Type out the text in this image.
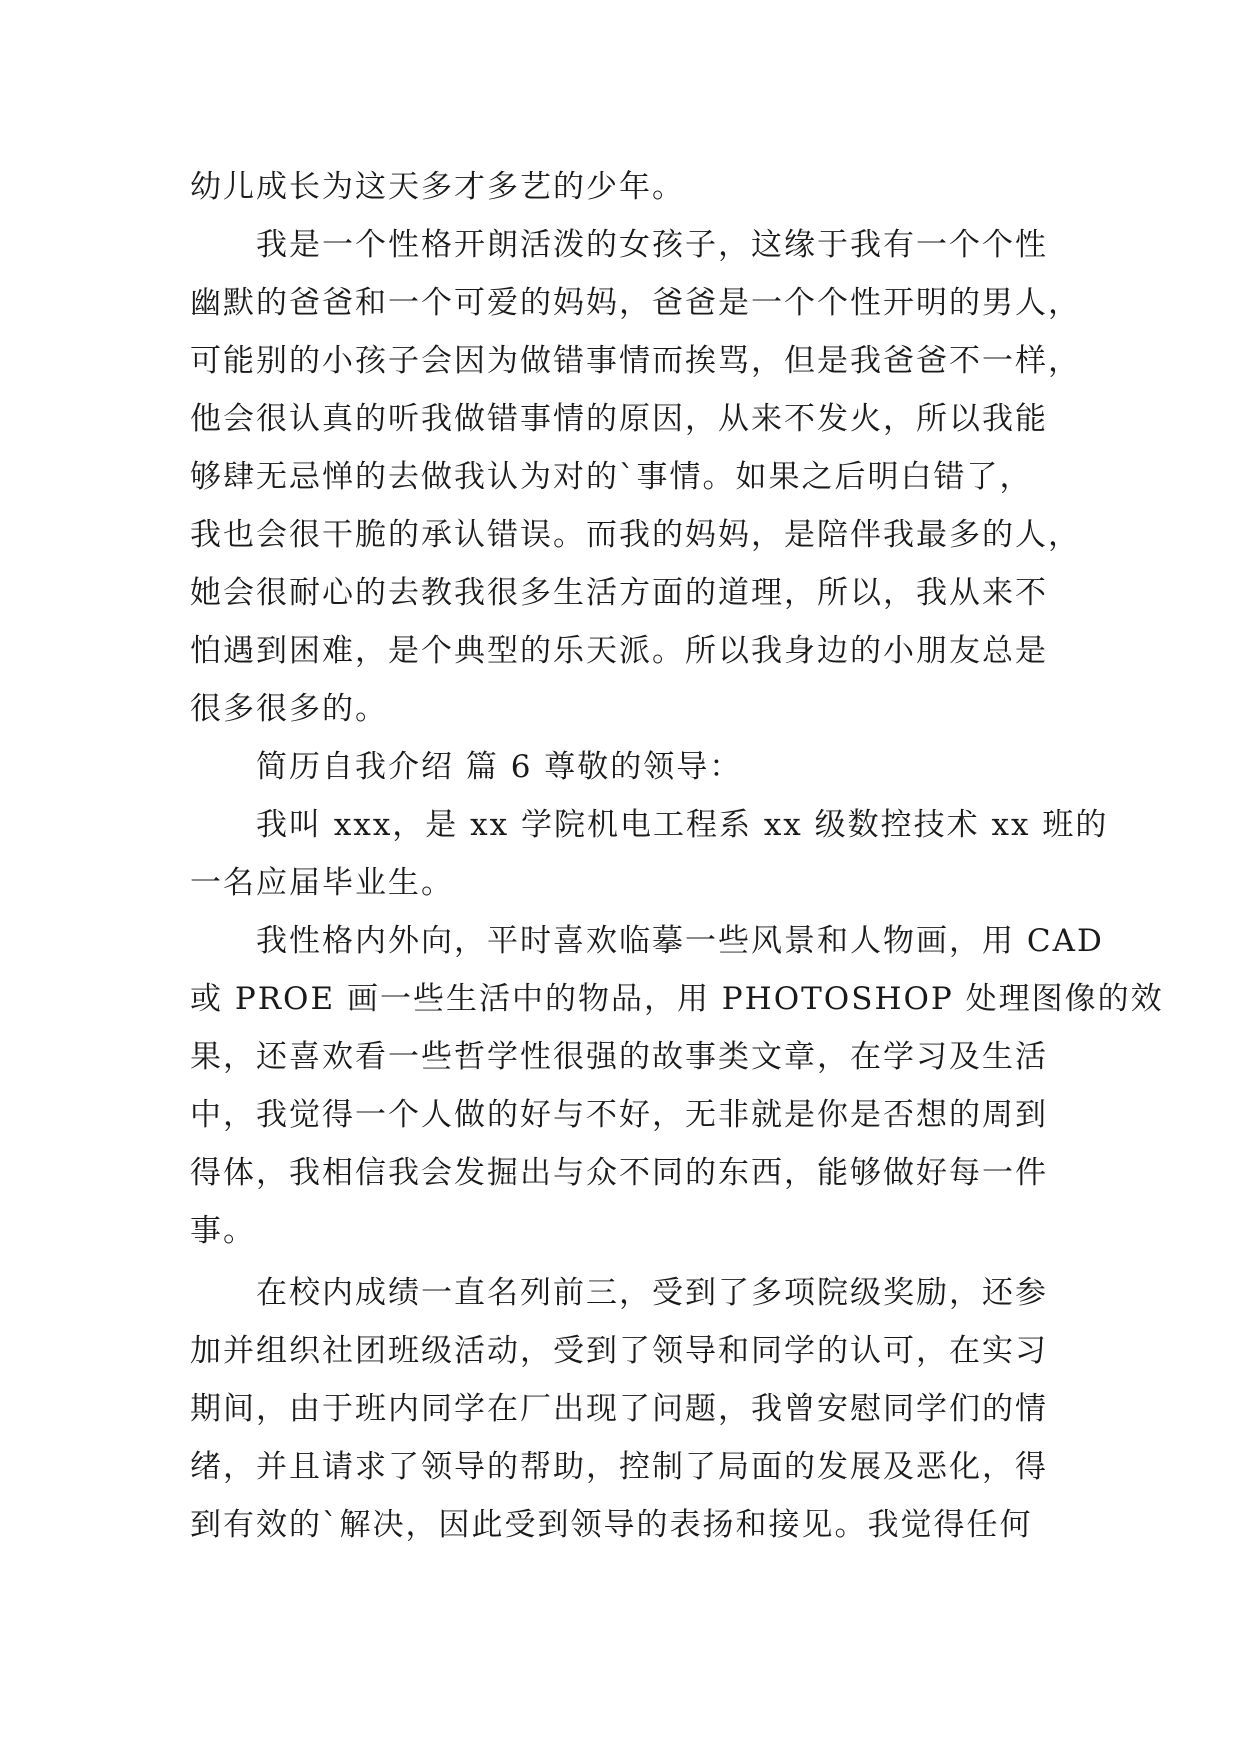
幼儿成长为这天多才多艺的少年。
我是一个性格开朗活泼的女孩子，这缘于我有一个个性
幽默的爸爸和一个可爱的妈妈，爸爸是一个个性开明的男人，
可能别的小孩子会因为做错事情而挨骂，但是我爸爸不一样，
他会很认真的听我做错事情的原因，从来不发火，所以我能
够肆无忌惮的去做我认为对的`事情。如果之后明白错了，
我也会很干脆的承认错误。而我的妈妈，是陪伴我最多的人，
她会很耐心的去教我很多生活方面的道理，所以，我从来不
怕遇到困难，是个典型的乐天派。所以我身边的小朋友总是
很多很多的。
简历自我介绍 篇 6 尊敬的领导：
我叫 xxx，是 xx 学院机电工程系 xx 级数控技术 xx 班的
一名应届毕业生。
我性格内外向，平时喜欢临摹一些风景和人物画，用 CAD
或 PROE 画一些生活中的物品，用 PHOTOSHOP 处理图像的效
果，还喜欢看一些哲学性很强的故事类文章，在学习及生活
中，我觉得一个人做的好与不好，无非就是你是否想的周到
得体，我相信我会发掘出与众不同的东西，能够做好每一件
事。
在校内成绩一直名列前三，受到了多项院级奖励，还参
加并组织社团班级活动，受到了领导和同学的认可，在实习
期间，由于班内同学在厂出现了问题，我曾安慰同学们的情
绪，并且请求了领导的帮助，控制了局面的发展及恶化，得
到有效的`解决，因此受到领导的表扬和接见。我觉得任何
